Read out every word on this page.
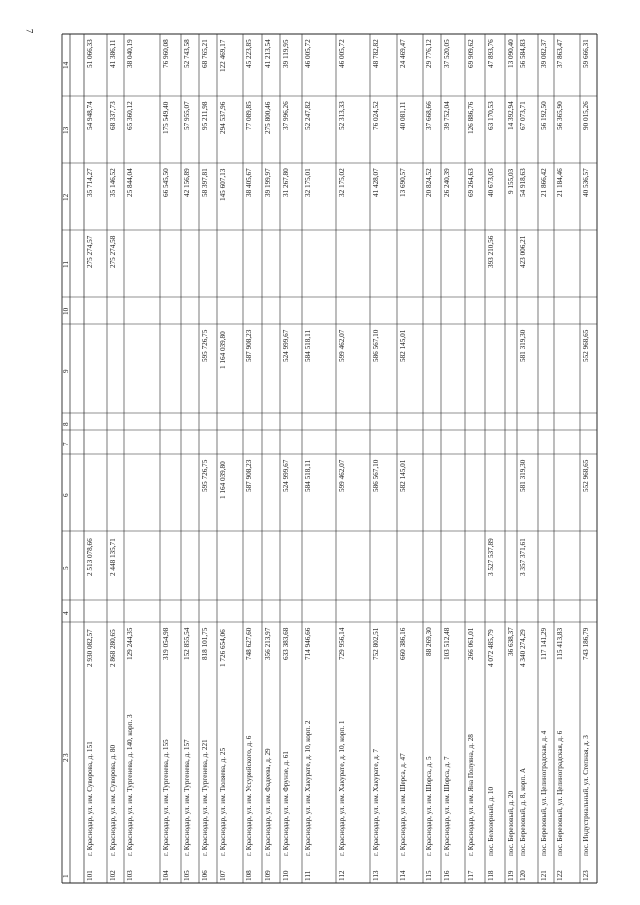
7
14
13
12
11
10
9
8
7
6
5
4
3
2
1 101
г. Краснодар, ул. им. Суворова, д. 151
51 066,33
54 948,74
35 714,27
275 274,57
2 513 078,66
2 930 082,57
102
г. Краснодар, ул. им. Суворова, д. 80
41 386,11
68 337,73
35 146,52
275 274,58
2 448 135,71
2 868 280,65
103
г. Краснодар, ул. им. Тургенева, д. 140, корп. 3
38 040,19
65 360,12
25 844,04
129 244,35
104
г. Краснодар, ул. им. Тургенева, д. 155
76 960,08
175 549,40
66 545,50
319 054,98
105
г. Краснодар, ул. им. Тургенева, д. 157
52 743,58
57 955,07
42 156,89
152 855,54
106
г. Краснодар, ул. им. Тургенева, д. 221
68 765,21
95 211,98
58 397,81
595 726,75
595 726,75
818 101,75
107
г. Краснодар, ул. им. Тюляева, д. 25
122 469,17
294 537,96
145 607,13
1 164 039,80
1 164 039,80
1 726 654,06
108
г. Краснодар, ул. им. Уссурийского, д. 6
45 223,85
77 089,85
38 405,67
587 908,23
587 908,23
748 627,60
109
г. Краснодар, ул. им. Фадеева, д. 29
41 213,54
275 800,46
39 199,97
356 213,97
110
г. Краснодар, ул. им. Фрунзе, д. 61
39 119,95
37 996,26
31 267,80
524 999,67
524 999,67
633 383,68
111
г. Краснодар, ул. им. Хакурате, д. 10, корп. 2
46 005,72
52 247,82
32 175,01
584 518,11
584 518,11
714 946,66
112
г. Краснодар, ул. им. Хакурате, д. 10, корп. 1
46 005,72
52 313,33
32 175,02
599 462,07
599 462,07
729 956,14
113
г. Краснодар, ул. им. Хакурате, д. 7
48 782,82
76 024,52
41 428,07
586 567,10
586 567,10
752 802,51
114
г. Краснодар, ул. им. Шерса, д. 47
24 469,47
40 081,11
13 690,57
582 145,01
582 145,01
660 386,16
115
г. Краснодар, ул. им. Шорса, д. 5
29 776,12
37 668,66
20 824,52
88 269,30
116
г. Краснодар, ул. им. Шорса, д. 7
37 520,05
39 752,04
26 240,39
103 512,48
117
г. Краснодар, ул. им. Яна Полуяна, д. 28
69 909,62
126 886,76
69 264,63
266 061,01
118
пос. Белозерный, д. 10
47 893,76
63 170,53
40 673,05
393 210,56
3 527 537,89
4 072 485,79
119
пос. Березовый, д. 20
13 090,40
14 392,94
9 155,03
36 638,37
120
пос. Березовый, д. 8, корп. А
56 584,83
67 073,71
54 918,63
423 006,21
581 319,30
581 319,30
3 357 371,61
4 340 274,29
121
пос. Березовый, ул. Целиноградская, д. 4
39 082,37
56 192,50
21 866,42
117 141,29
122
пос. Березовый, ул. Целиноградская, д. 6
37 863,47
56 365,90
21 184,46
115 413,83
123
пос. Индустриальный, ул. Степная, д. 3
59 666,31
90 015,26
40 536,57
552 968,65
552 968,65
743 186,79
